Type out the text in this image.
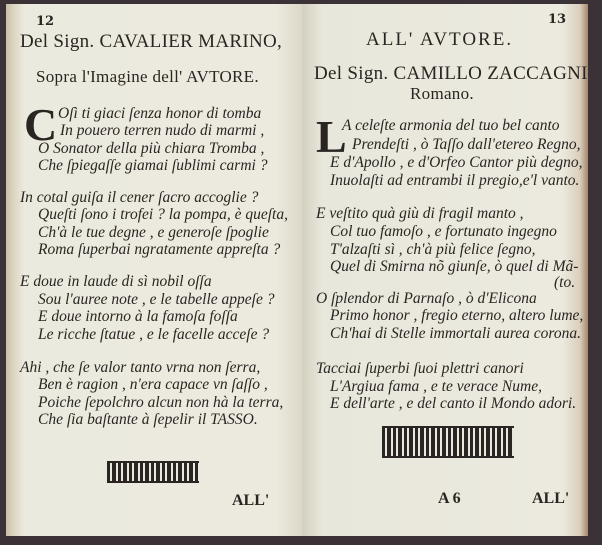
12
Del Sign. CAVALIER MARINO,
Sopra l'Imagine dell' AVTORE.
C Oſì ti giaci ſenza honor di tomba
In pouero terren nudo di marmi ,
O Sonator della più chiara Tromba ,
Che ſpiegaſſe giamai ſublimi carmi ?
In cotal guiſa il cener ſacro accoglie ?
Queſti ſono i trofei ? la pompa, è queſta,
Ch'à le tue degne , e generoſe ſpoglie
Roma ſuperbai ngratamente appreſta ?
E doue in laude di sì nobil oſſa
Sou l'auree note , e le tabelle appeſe ?
E doue intorno à la famoſa foſſa
Le ricche ſtatue , e le facelle acceſe ?
Ahi , che ſe valor tanto vrna non ſerra,
Ben è ragion , n'era capace vn ſaſſo ,
Poiche ſepolchro alcun non hà la terra,
Che ſia baſtante à ſepelir il TASSO.
ALL'
13
ALL' AVTORE.
Del Sign. CAMILLO ZACCAGNI
Romano.
L
A celeſte armonia del tuo bel canto
Prendeſti , ò Taſſo dall'etereo Regno,
E d'Apollo , e d'Orfeo Cantor più degno,
Inuolaſti ad entrambi il pregio,e'l vanto.
E veſtito quà giù di fragil manto ,
Col tuo famoſo , e fortunato ingegno
T'alzaſti sì , ch'à più felice ſegno,
Quel di Smirna nõ giunſe, ò quel di Mã-
(to.
O ſplendor di Parnaſo , ò d'Elicona
Primo honor , fregio eterno, altero lume,
Ch'hai di Stelle immortali aurea corona.
Tacciai ſuperbi ſuoi plettri canori
L'Argiua fama , e te verace Nume,
E dell'arte , e del canto il Mondo adori.
A 6	ALL'
